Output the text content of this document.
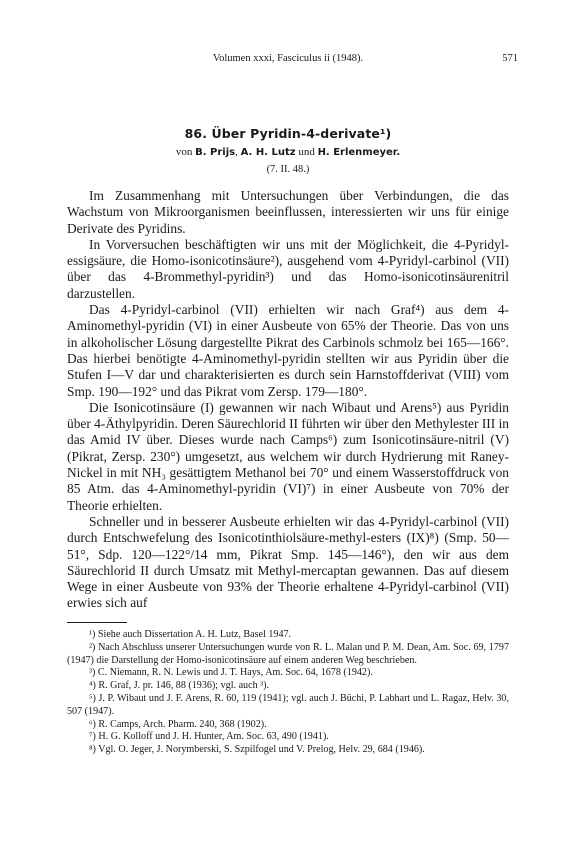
Volumen xxxi, Fasciculus ii (1948).	571
86. Über Pyridin-4-derivate¹)
von B. Prijs, A. H. Lutz und H. Erlenmeyer.
(7. II. 48.)

Im Zusammenhang mit Untersuchungen über Verbindungen, die das Wachstum von Mikroorganismen beeinflussen, interessierten wir uns für einige Derivate des Pyridins.

In Vorversuchen beschäftigten wir uns mit der Möglichkeit, die 4-Pyridyl-essigsäure, die Homo-isonicotinsäure²), ausgehend vom 4-Pyridyl-carbinol (VII) über das 4-Brommethyl-pyridin³) und das Homo-isonicotinsäurenitril darzustellen.

Das 4-Pyridyl-carbinol (VII) erhielten wir nach Graf⁴) aus dem 4-Aminomethyl-pyridin (VI) in einer Ausbeute von 65% der Theorie. Das von uns in alkoholischer Lösung dargestellte Pikrat des Carbinols schmolz bei 165—166°. Das hierbei benötigte 4-Aminomethyl-pyridin stellten wir aus Pyridin über die Stufen I—V dar und charakterisierten es durch sein Harnstoffderivat (VIII) vom Smp. 190—192° und das Pikrat vom Zersp. 179—180°.

Die Isonicotinsäure (I) gewannen wir nach Wibaut und Arens⁵) aus Pyridin über 4-Äthylpyridin. Deren Säurechlorid II führten wir über den Methylester III in das Amid IV über. Dieses wurde nach Camps⁶) zum Isonicotinsäure-nitril (V) (Pikrat, Zersp. 230°) umgesetzt, aus welchem wir durch Hydrierung mit Raney-Nickel in mit NH₃ gesättigtem Methanol bei 70° und einem Wasserstoffdruck von 85 Atm. das 4-Aminomethyl-pyridin (VI)⁷) in einer Ausbeute von 70% der Theorie erhielten.

Schneller und in besserer Ausbeute erhielten wir das 4-Pyridyl-carbinol (VII) durch Entschwefelung des Isonicotinthiolsäure-methyl-esters (IX)⁸) (Smp. 50—51°, Sdp. 120—122°/14 mm, Pikrat Smp. 145—146°), den wir aus dem Säurechlorid II durch Umsatz mit Methyl-mercaptan gewannen. Das auf diesem Wege in einer Ausbeute von 93% der Theorie erhaltene 4-Pyridyl-carbinol (VII) erwies sich auf

¹) Siehe auch Dissertation A. H. Lutz, Basel 1947.

²) Nach Abschluss unserer Untersuchungen wurde von R. L. Malan und P. M. Dean, Am. Soc. 69, 1797 (1947) die Darstellung der Homo-isonicotinsäure auf einem anderen Weg beschrieben.

³) C. Niemann, R. N. Lewis und J. T. Hays, Am. Soc. 64, 1678 (1942).

⁴) R. Graf, J. pr. 146, 88 (1936); vgl. auch ³).

⁵) J. P. Wibaut und J. F. Arens, R. 60, 119 (1941); vgl. auch J. Büchi, P. Labhart und L. Ragaz, Helv. 30, 507 (1947).

⁶) R. Camps, Arch. Pharm. 240, 368 (1902).

⁷) H. G. Kolloff und J. H. Hunter, Am. Soc. 63, 490 (1941).

⁸) Vgl. O. Jeger, J. Norymberski, S. Szpilfogel und V. Prelog, Helv. 29, 684 (1946).
